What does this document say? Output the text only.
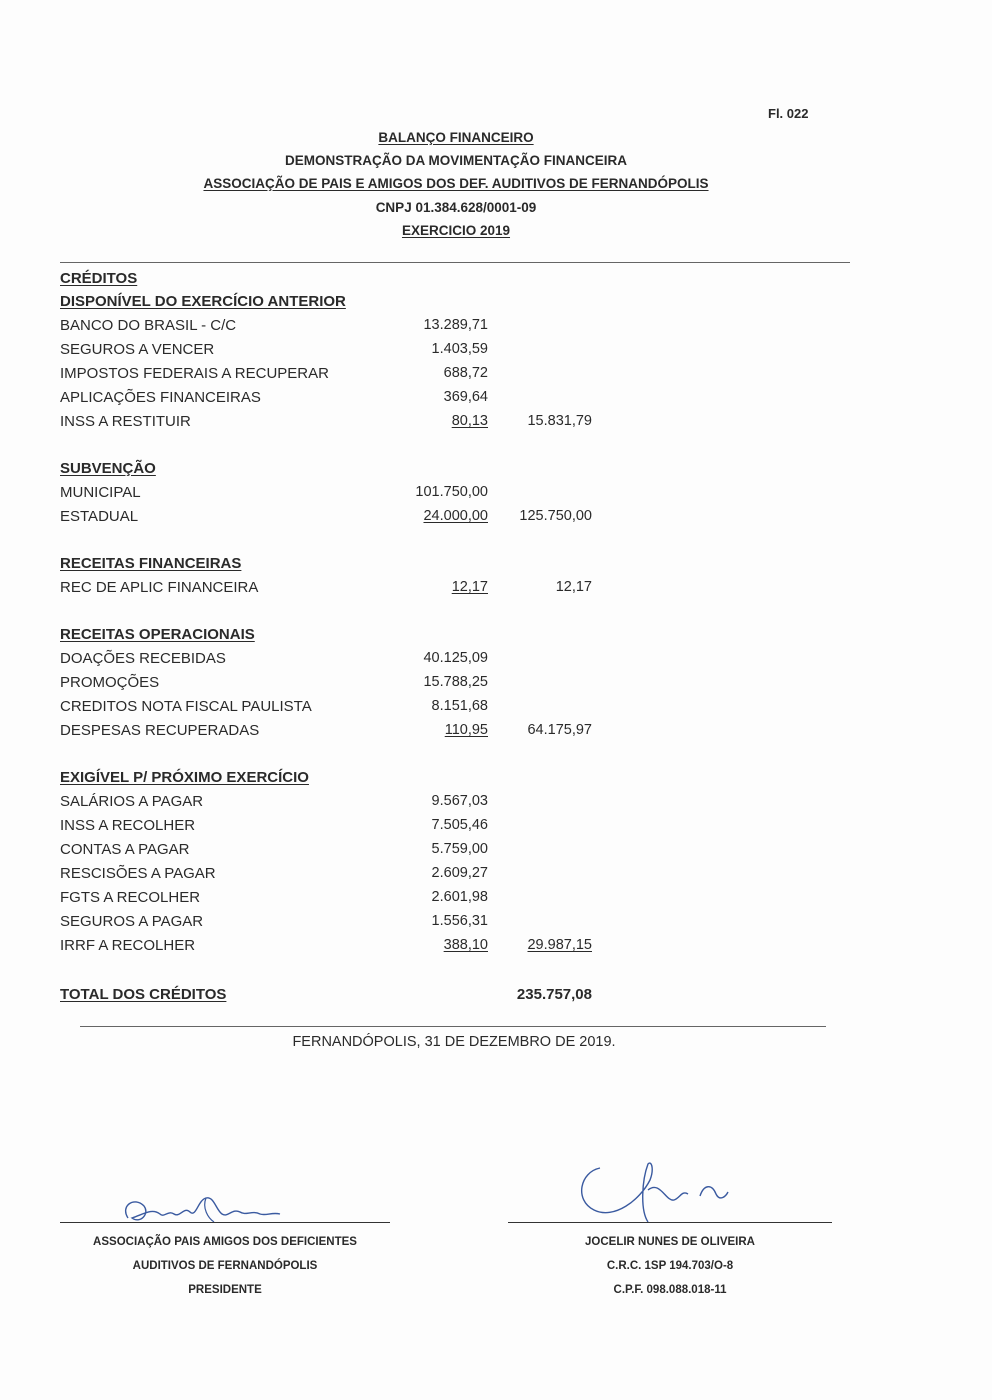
Fl. 022
BALANÇO FINANCEIRO
DEMONSTRAÇÃO DA MOVIMENTAÇÃO FINANCEIRA
ASSOCIAÇÃO DE PAIS E AMIGOS DOS DEF. AUDITIVOS DE FERNANDÓPOLIS
CNPJ 01.384.628/0001-09
EXERCICIO 2019
CRÉDITOS
DISPONÍVEL DO EXERCÍCIO ANTERIOR
BANCO DO BRASIL - C/C	13.289,71
SEGUROS A VENCER	1.403,59
IMPOSTOS FEDERAIS A RECUPERAR	688,72
APLICAÇÕES FINANCEIRAS	369,64
INSS A RESTITUIR	80,13	15.831,79
SUBVENÇÃO
MUNICIPAL	101.750,00
ESTADUAL	24.000,00	125.750,00
RECEITAS FINANCEIRAS
REC DE APLIC FINANCEIRA	12,17	12,17
RECEITAS OPERACIONAIS
DOAÇÕES RECEBIDAS	40.125,09
PROMOÇÕES	15.788,25
CREDITOS NOTA FISCAL PAULISTA	8.151,68
DESPESAS RECUPERADAS	110,95	64.175,97
EXIGÍVEL P/ PRÓXIMO EXERCÍCIO
SALÁRIOS A PAGAR	9.567,03
INSS A RECOLHER	7.505,46
CONTAS A PAGAR	5.759,00
RESCISÕES A PAGAR	2.609,27
FGTS A RECOLHER	2.601,98
SEGUROS A PAGAR	1.556,31
IRRF A RECOLHER	388,10	29.987,15
TOTAL DOS CRÉDITOS	235.757,08
FERNANDÓPOLIS, 31 DE DEZEMBRO DE 2019.
ASSOCIAÇÃO PAIS AMIGOS DOS DEFICIENTES
AUDITIVOS DE FERNANDÓPOLIS
PRESIDENTE
JOCELIR NUNES DE OLIVEIRA
C.R.C. 1SP 194.703/O-8
C.P.F. 098.088.018-11
